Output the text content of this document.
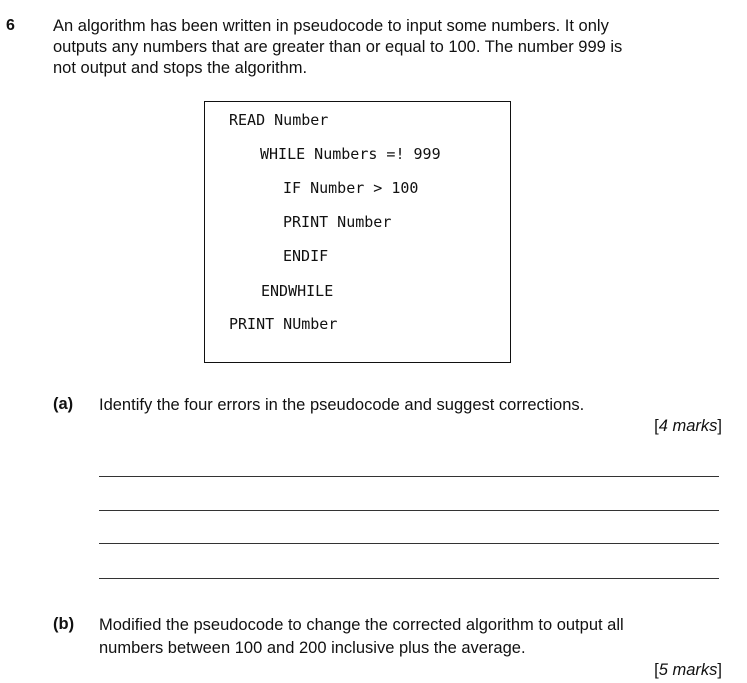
6 An algorithm has been written in pseudocode to input some numbers. It only

outputs any numbers that are greater than or equal to 100. The number 999 is

not output and stops the algorithm.

READ Number
WHILE Numbers =! 999
IF Number > 100
PRINT Number
ENDIF
ENDWHILE
PRINT NUmber
(a) Identify the four errors in the pseudocode and suggest corrections.

[4 marks]
(b) Modified the pseudocode to change the corrected algorithm to output all

numbers between 100 and 200 inclusive plus the average.

[5 marks]
